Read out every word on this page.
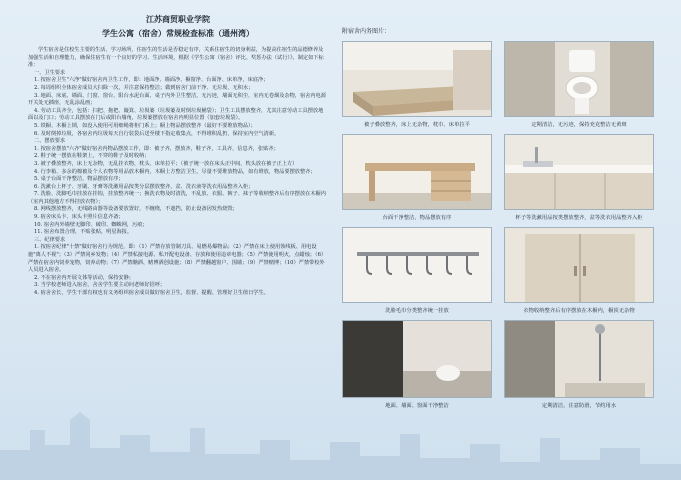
江苏商贸职业学院

学生公寓（宿舍）常规检查标准（通州湾）

学生宿舍是住校生主要的生活、学习场所，住宿生的生活是否稳定有序，关系住宿生的切身利益，为提高住宿生的品德修养及加强生活和自理能力，确保住宿生有一个良好的学习、生活环境，根据《学生公寓（宿舍）评比、奖惩办法（试行）》，制定如下标准：

一、卫生要求

1. 按宿舍卫生"六净"做好宿舍内卫生工作，即：地面净、墙面净、橱窗净、台面净、床单净，床底净；

2. 每周组织全体宿舍成员大扫除一次，并注意保持整洁；做到宿舍门前干净、无垃圾、无积水；

3. 地面、床底、墙面、门窗、窗台、阳台水泥台面、桌子内外卫生整洁，无污迹，墙面无积尘，室内无卷烟及杂物，宿舍内电源开关处无插座，无乱涂乱画；

4. 劳动工具齐全，包括：扫把、拖把、簸箕、垃圾篓（垃圾篓及时倒垃圾桶袋）；卫生工具摆放整齐，尤其注意劳动工具摆放地面以及门口；劳动工具摆放在门后或阳台墙角，垃圾篓摆放在宿舍内明显位置（加套垃圾袋）。

5. 铁橱、木橱上锁，如没入使用可用细绳将柜门系上；橱上物品摆放整齐（最好不要堆放物品）；

6. 及时倒掉垃圾，各宿舍内垃圾每天自行装袋后送至楼下指定收集点，不得堆积乱扔，保持室内空气清新。

二、摆放要求

1. 按宿舍摆放"六齐"做好宿舍内物品摆放工作，即：被子齐，摆放齐，鞋子齐，工具齐，信息齐，张贴齐；

2. 鞋子统一摆放在鞋架上，不穿的鞋子及时收纳；

3. 被子叠放整齐，床上无杂物，无乱挂衣物，枕头、床单拉平；（被子统一放在床头正中间，枕头放在被子正上方）

4. 行李箱、多余的棉被及个人衣物等用品放木橱内，木橱上方整洁卫生，尽量不要堆放物品，如有堆放，物品要摆放整齐；

5. 桌子台面干净整洁，物品摆放有序；

6. 洗漱台上杯子、牙刷、牙膏等洗漱用品按类分层摆放整齐，盆、洗衣液等洗衣用品整齐入柜；

7. 洗脸、洗脚毛巾挂放在挂钩，挂放整齐统一；换洗衣物及时清洗，不乱放、衣服、裤子、袜子等收纳整齐后有序摆放在木橱内（室内其他地方不得挂放衣物）；

8. 网线摆放整齐，无线路由器等设备要放置好，不缠绕，不遮挡，防止设备因发热烧毁；

9. 宿舍床头卡、床头卡照片信息齐备；

10. 宿舍内外墙壁无脚印、破印、蜘蛛网，污痕；

11. 宿舍布置合理，不贴张贴，明星海报。

三、纪律要求

1. 按宿舍纪律"十禁"做好宿舍行为规范，即：（1）严禁存放管制刀具、易燃易爆物品；（2）严禁在床上使用蚀线板、用电设施"离人不视"；（3）严禁同乡发物；（4）严禁私接电源、私开配电设备、存放和使用违章电器；（5）严禁使用明火，点蜡烛；（6）严禁在宿舍内饲养宠物，饲养动物；（7）严禁酗酒、赌博酒创设施；（8）严禁翻越窗户、围墙；（9）严禁赌博；（10）严禁带校外人员进入宿舍。

2. 不在宿舍内开展文体等活动，保持安静；

3. 当学校老师进入宿舍，舍舍学生要主动问老师好招呼；

4. 宿舍舍长，学生干部有权也有义务组织宿舍成员做好宿舍卫生，监督、提醒、管理好卫生值日学生。

附宿舍内务图片：

被子叠放整齐，床上无杂物，枕巾、床单拉平	定期清洁，无污迹，保持充克整洁无黄斑

台面干净整洁，物品摆放有序	杯子等洗漱用品按类摆放整齐，盆等洗衣用品整齐入柜

洗脸毛巾分类整齐统一挂放	衣物收纳整齐后有序摆放在木橱内，橱顶无杂物

地面、墙面、窗面干净整洁	定期清洁，注意防滑，节约用水
